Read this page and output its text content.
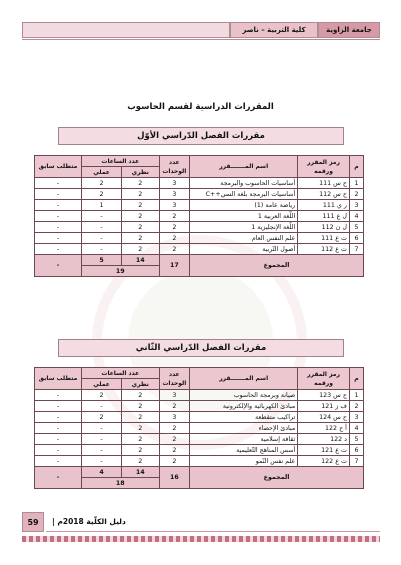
جامعة الزاوية
كلية التربية – ناصر
المقررات الدراسية لقسم الحاسوب
مقررات الفصل الدّراسي الأوّل
م	رمز المقرر ورقمه	اسم المـــــــقرر	عدد الوحدات	عدد الساعات		متطلب سابق
				نظري	عملي	
1	ح س 111	أساسيات الحاسوب والبرمجة	3	2	2	-
2	ح س 112	أساسيات البرمجة بلغة السي++C	3	2	2	-
3	ر ي 111	رياضة عامة (1)	3	2	1	-
4	ل ع 111	اللّغة العربية 1	2	2	-	-
5	ل ن 112	اللّغة الإنجليزية 1	2	2	-	-
6	ت ع 111	علم النفس العام	2	2	-	-
7	ت ع 112	أصول التّربية	2	2	-	-
المجموع			17	14	5	-
				19		
مقررات الفصل الدّراسي الثّاني
م	رمز المقرر ورقمه	اسم المـــــــقرر	عدد الوحدات	عدد الساعات		متطلب سابق
				نظري	عملي	
1	ح س 123	صيانة وبرمجة الحاسوب	3	2	2	-
2	ف ز 121	مبادئ الكهربائية والإلكترونية	2	2	-	-
3	ح س 124	تراكيب متقطعة	3	2	2	-
4	أ ح 122	مبادئ الإحصاء	2	2	-	-
5	د 122	ثقافة إسلامية	2	2	-	-
6	ت ع 121	أسس المناهج التّعليمية	2	2	-	-
7	ت ع 122	علم نفس النّمو	2	2	-	-
المجموع			16	14	4	-
				18		
59	دليل الكلّية 2018م |
